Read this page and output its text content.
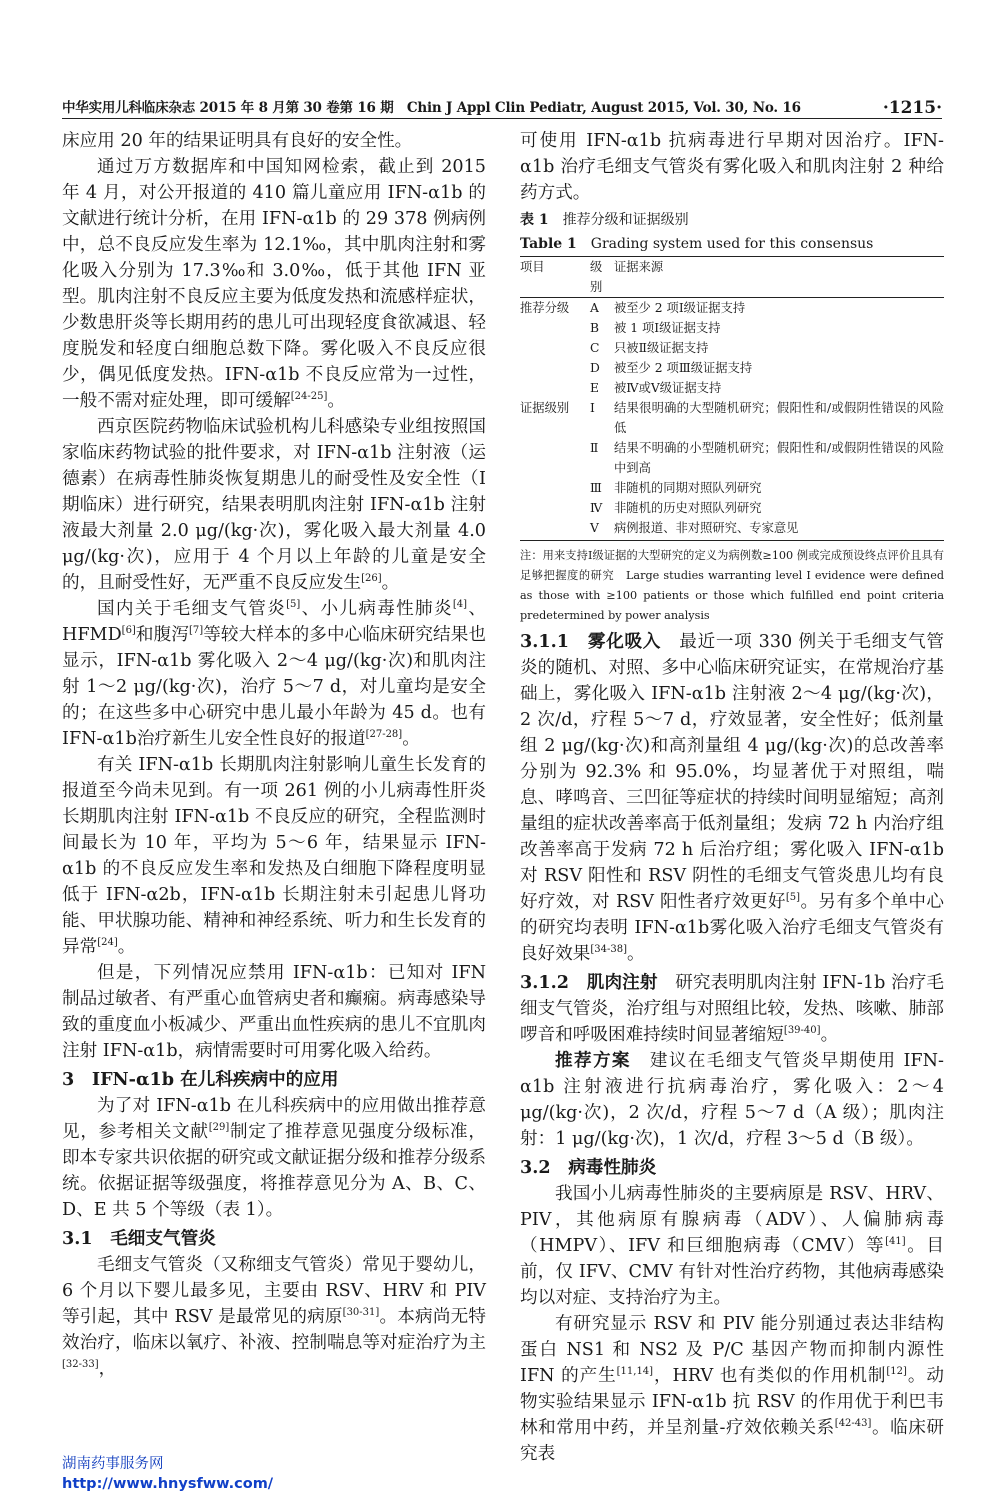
中华实用儿科临床杂志 2015 年 8 月第 30 卷第 16 期　Chin J Appl Clin Pediatr, August 2015, Vol. 30, No. 16	·1215·

床应用 20 年的结果证明具有良好的安全性。

通过万方数据库和中国知网检索，截止到 2015 年 4 月，对公开报道的 410 篇儿童应用 IFN-α1b 的文献进行统计分析，在用 IFN-α1b 的 29 378 例病例中，总不良反应发生率为 12.1‰，其中肌肉注射和雾化吸入分别为 17.3‰和 3.0‰，低于其他 IFN 亚型。肌肉注射不良反应主要为低度发热和流感样症状，少数患肝炎等长期用药的患儿可出现轻度食欲减退、轻度脱发和轻度白细胞总数下降。雾化吸入不良反应很少，偶见低度发热。IFN-α1b 不良反应常为一过性，一般不需对症处理，即可缓解[24-25]。

西京医院药物临床试验机构儿科感染专业组按照国家临床药物试验的批件要求，对 IFN-α1b 注射液（运德素）在病毒性肺炎恢复期患儿的耐受性及安全性（Ⅰ期临床）进行研究，结果表明肌肉注射 IFN-α1b 注射液最大剂量 2.0 μg/(kg·次)，雾化吸入最大剂量 4.0 μg/(kg·次)，应用于 4 个月以上年龄的儿童是安全的，且耐受性好，无严重不良反应发生[26]。

国内关于毛细支气管炎[5]、小儿病毒性肺炎[4]、HFMD[6]和腹泻[7]等较大样本的多中心临床研究结果也显示，IFN-α1b 雾化吸入 2～4 μg/(kg·次)和肌肉注射 1～2 μg/(kg·次)，治疗 5～7 d，对儿童均是安全的；在这些多中心研究中患儿最小年龄为 45 d。也有 IFN-α1b治疗新生儿安全性良好的报道[27-28]。

有关 IFN-α1b 长期肌肉注射影响儿童生长发育的报道至今尚未见到。有一项 261 例的小儿病毒性肝炎长期肌肉注射 IFN-α1b 不良反应的研究，全程监测时间最长为 10 年，平均为 5～6 年，结果显示 IFN-α1b 的不良反应发生率和发热及白细胞下降程度明显低于 IFN-α2b，IFN-α1b 长期注射未引起患儿肾功能、甲状腺功能、精神和神经系统、听力和生长发育的异常[24]。

但是，下列情况应禁用 IFN-α1b：已知对 IFN 制品过敏者、有严重心血管病史者和癫痫。病毒感染导致的重度血小板减少、严重出血性疾病的患儿不宜肌肉注射 IFN-α1b，病情需要时可用雾化吸入给药。

3　IFN-α1b 在儿科疾病中的应用

为了对 IFN-α1b 在儿科疾病中的应用做出推荐意见，参考相关文献[29]制定了推荐意见强度分级标准，即本专家共识依据的研究或文献证据分级和推荐分级系统。依据证据等级强度，将推荐意见分为 A、B、C、D、E 共 5 个等级（表 1）。

3.1　毛细支气管炎

毛细支气管炎（又称细支气管炎）常见于婴幼儿，6 个月以下婴儿最多见，主要由 RSV、HRV 和 PIV 等引起，其中 RSV 是最常见的病原[30-31]。本病尚无特效治疗，临床以氧疗、补液、控制喘息等对症治疗为主[32-33]，

可使用 IFN-α1b 抗病毒进行早期对因治疗。IFN-α1b 治疗毛细支气管炎有雾化吸入和肌肉注射 2 种给药方式。

表 1　 推荐分级和证据级别

Table 1　 Grading system used for this consensus

项目	级别	证据来源
推荐分级	A	被至少 2 项Ⅰ级证据支持
	B	被 1 项Ⅰ级证据支持
	C	只被Ⅱ级证据支持
	D	被至少 2 项Ⅲ级证据支持
	E	被Ⅳ或Ⅴ级证据支持
证据级别	Ⅰ	结果很明确的大型随机研究；假阳性和/或假阴性错误的风险低
	Ⅱ	结果不明确的小型随机研究；假阳性和/或假阴性错误的风险中到高
	Ⅲ	非随机的同期对照队列研究
	Ⅳ	非随机的历史对照队列研究
	Ⅴ	病例报道、非对照研究、专家意见

注：用来支持Ⅰ级证据的大型研究的定义为病例数≥100 例或完成预设终点评价且具有足够把握度的研究　Large studies warranting level I evidence were defined as those with ≥100 patients or those which fulfilled end point criteria predetermined by power analysis

3.1.1　雾化吸入　 最近一项 330 例关于毛细支气管炎的随机、对照、多中心临床研究证实，在常规治疗基础上，雾化吸入 IFN-α1b 注射液 2～4 μg/(kg·次)，2 次/d，疗程 5～7 d，疗效显著，安全性好；低剂量组 2 μg/(kg·次)和高剂量组 4 μg/(kg·次)的总改善率分别为 92.3% 和 95.0%，均显著优于对照组，喘息、哮鸣音、三凹征等症状的持续时间明显缩短；高剂量组的症状改善率高于低剂量组；发病 72 h 内治疗组改善率高于发病 72 h 后治疗组；雾化吸入 IFN-α1b 对 RSV 阳性和 RSV 阴性的毛细支气管炎患儿均有良好疗效，对 RSV 阳性者疗效更好[5]。另有多个单中心的研究均表明 IFN-α1b雾化吸入治疗毛细支气管炎有良好效果[34-38]。

3.1.2　肌肉注射　 研究表明肌肉注射 IFN-1b 治疗毛细支气管炎，治疗组与对照组比较，发热、咳嗽、肺部啰音和呼吸困难持续时间显著缩短[39-40]。

推荐方案　 建议在毛细支气管炎早期使用 IFN-α1b 注射液进行抗病毒治疗，雾化吸入：2～4 μg/(kg·次)，2 次/d，疗程 5～7 d（A 级）；肌肉注射：1 μg/(kg·次)，1 次/d，疗程 3～5 d（B 级）。

3.2　病毒性肺炎

我国小儿病毒性肺炎的主要病原是 RSV、HRV、PIV，其他病原有腺病毒（ADV）、人偏肺病毒（HMPV）、IFV 和巨细胞病毒（CMV）等[41]。目前，仅 IFV、CMV 有针对性治疗药物，其他病毒感染均以对症、支持治疗为主。

有研究显示 RSV 和 PIV 能分别通过表达非结构蛋白 NS1 和 NS2 及 P/C 基因产物而抑制内源性 IFN 的产生[11,14]，HRV 也有类似的作用机制[12]。动物实验结果显示 IFN-α1b 抗 RSV 的作用优于利巴韦林和常用中药，并呈剂量-疗效依赖关系[42-43]。临床研究表

湖南药事服务网
http://www.hnysfww.com/
